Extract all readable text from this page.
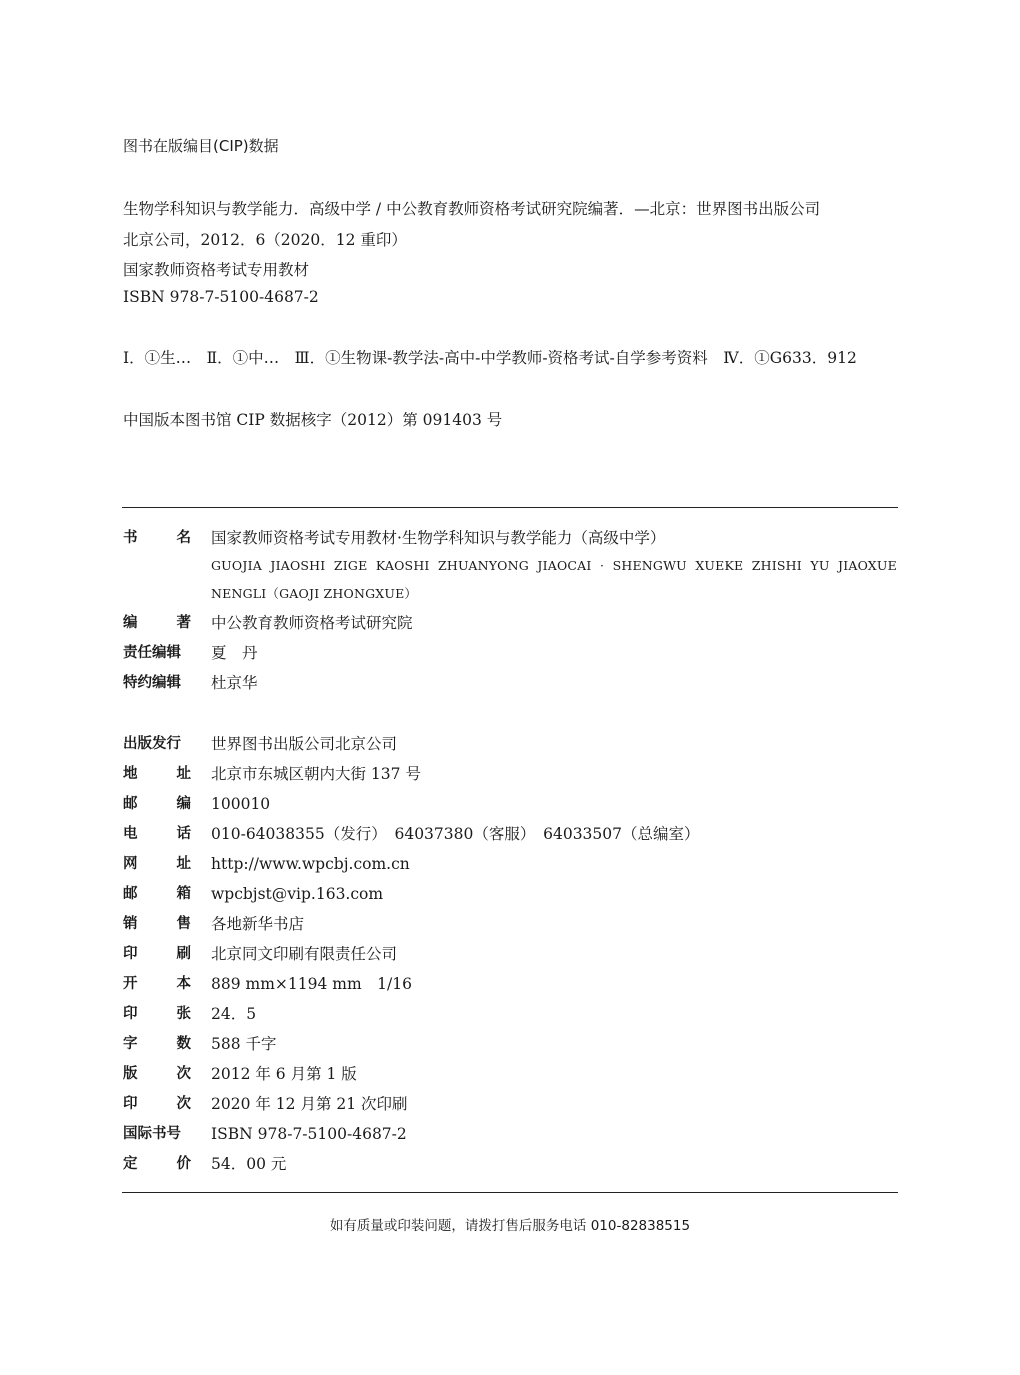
图书在版编目(CIP)数据
生物学科知识与教学能力．高级中学 / 中公教育教师资格考试研究院编著．—北京：世界图书出版公司
北京公司，2012．6（2020．12 重印）
国家教师资格考试专用教材
ISBN 978-7-5100-4687-2
Ⅰ．①生…　Ⅱ．①中…　Ⅲ．①生物课-教学法-高中-中学教师-资格考试-自学参考资料　Ⅳ．①G633．912
中国版本图书馆 CIP 数据核字（2012）第 091403 号
书	名 国家教师资格考试专用教材·生物学科知识与教学能力（高级中学）
GUOJIA JIAOSHI ZIGE KAOSHI ZHUANYONG JIAOCAI · SHENGWU XUEKE ZHISHI YU JIAOXUE
NENGLI（GAOJI ZHONGXUE）
编	著 中公教育教师资格考试研究院
责任编辑	夏　丹
特约编辑	杜京华
出版发行	世界图书出版公司北京公司
地	址 北京市东城区朝内大街 137 号
邮	编 100010
电	话 010-64038355（发行）　64037380（客服）　64033507（总编室）
网	址 http://www.wpcbj.com.cn
邮	箱 wpcbjst@vip.163.com
销	售 各地新华书店
印	刷 北京同文印刷有限责任公司
开	本 889 mm×1194 mm　1/16
印	张 24．5
字	数 588 千字
版	次 2012 年 6 月第 1 版
印	次 2020 年 12 月第 21 次印刷
国际书号	ISBN 978-7-5100-4687-2
定	价 54．00 元
如有质量或印装问题，请拨打售后服务电话 010-82838515
